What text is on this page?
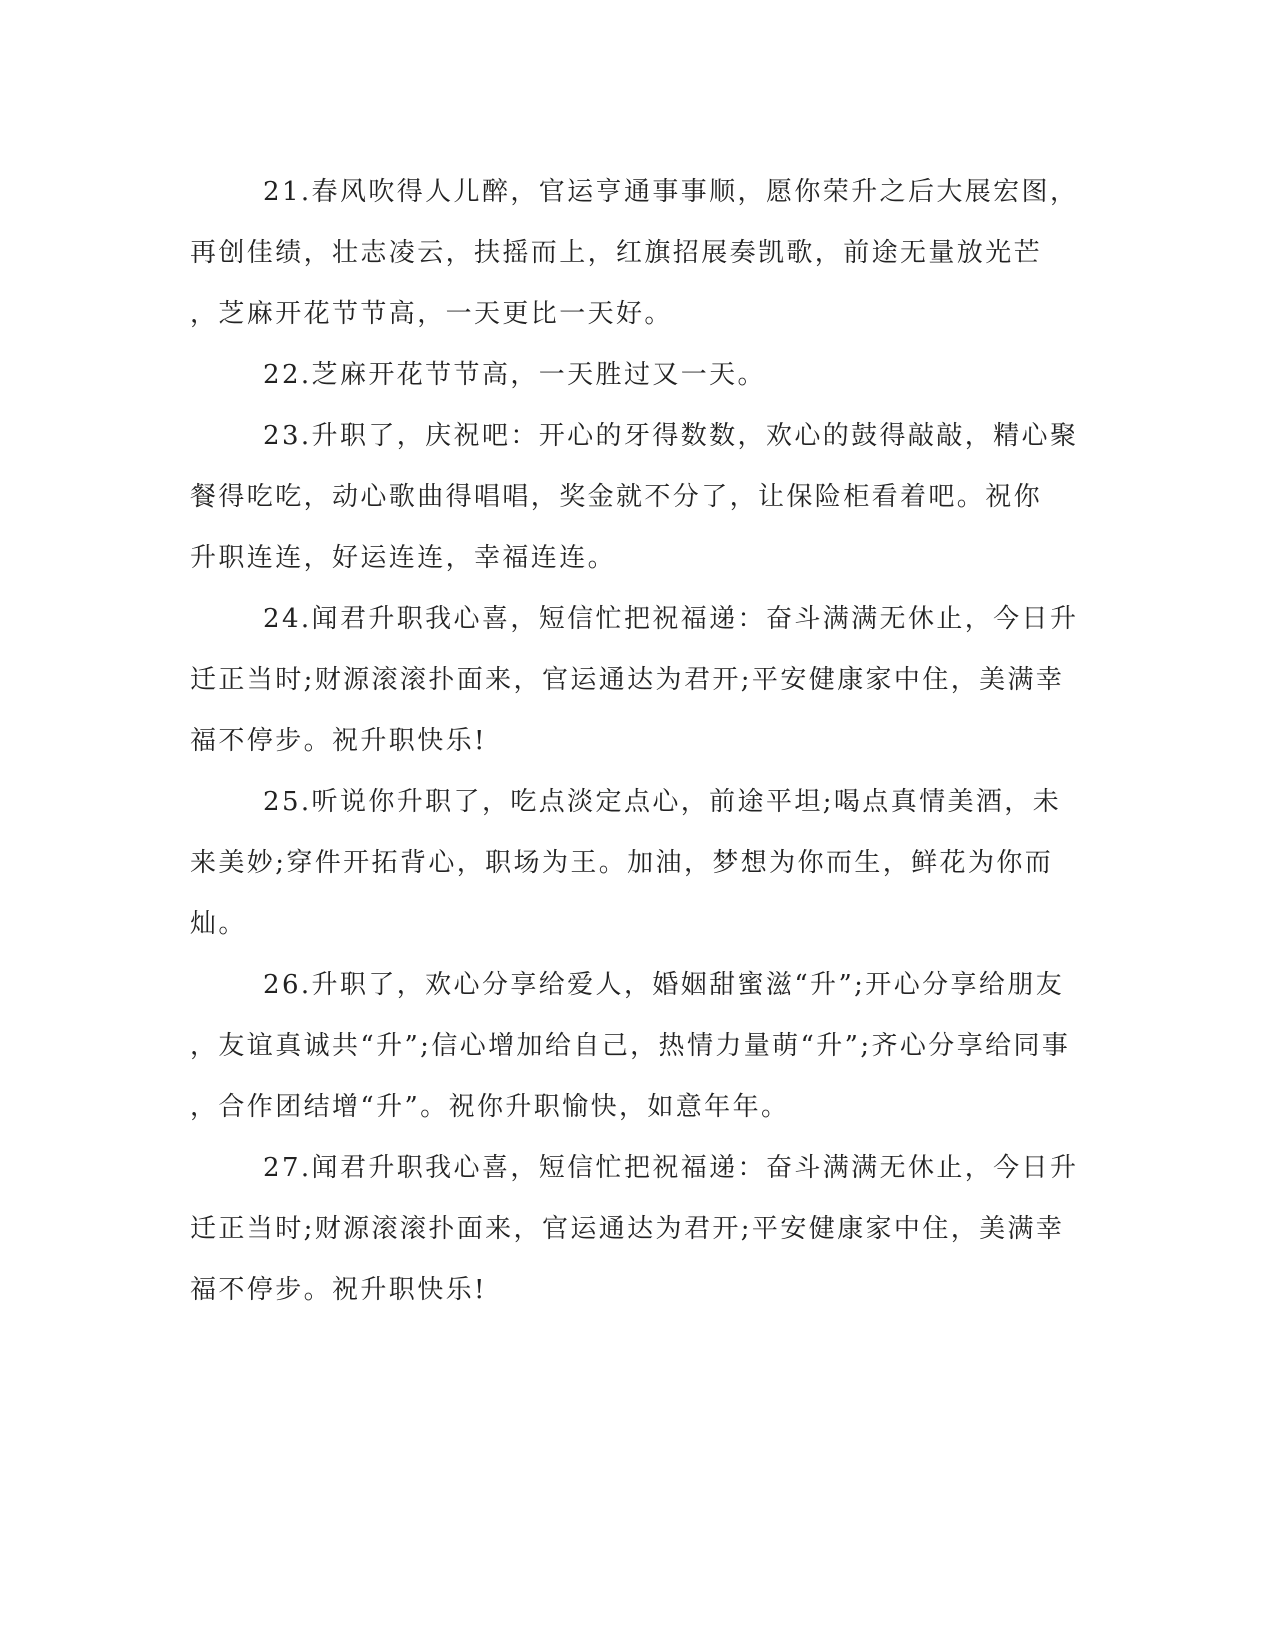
21.春风吹得人儿醉，官运亨通事事顺，愿你荣升之后大展宏图，
再创佳绩，壮志凌云，扶摇而上，红旗招展奏凯歌，前途无量放光芒
，芝麻开花节节高，一天更比一天好。

22.芝麻开花节节高，一天胜过又一天。

23.升职了，庆祝吧：开心的牙得数数，欢心的鼓得敲敲，精心聚
餐得吃吃，动心歌曲得唱唱，奖金就不分了，让保险柜看着吧。祝你
升职连连，好运连连，幸福连连。

24.闻君升职我心喜，短信忙把祝福递：奋斗满满无休止，今日升
迁正当时;财源滚滚扑面来，官运通达为君开;平安健康家中住，美满幸
福不停步。祝升职快乐!

25.听说你升职了，吃点淡定点心，前途平坦;喝点真情美酒，未
来美妙;穿件开拓背心，职场为王。加油，梦想为你而生，鲜花为你而
灿。

26.升职了，欢心分享给爱人，婚姻甜蜜滋“升”;开心分享给朋友
，友谊真诚共“升”;信心增加给自己，热情力量萌“升”;齐心分享给同事
，合作团结增“升”。祝你升职愉快，如意年年。

27.闻君升职我心喜，短信忙把祝福递：奋斗满满无休止，今日升
迁正当时;财源滚滚扑面来，官运通达为君开;平安健康家中住，美满幸
福不停步。祝升职快乐!
